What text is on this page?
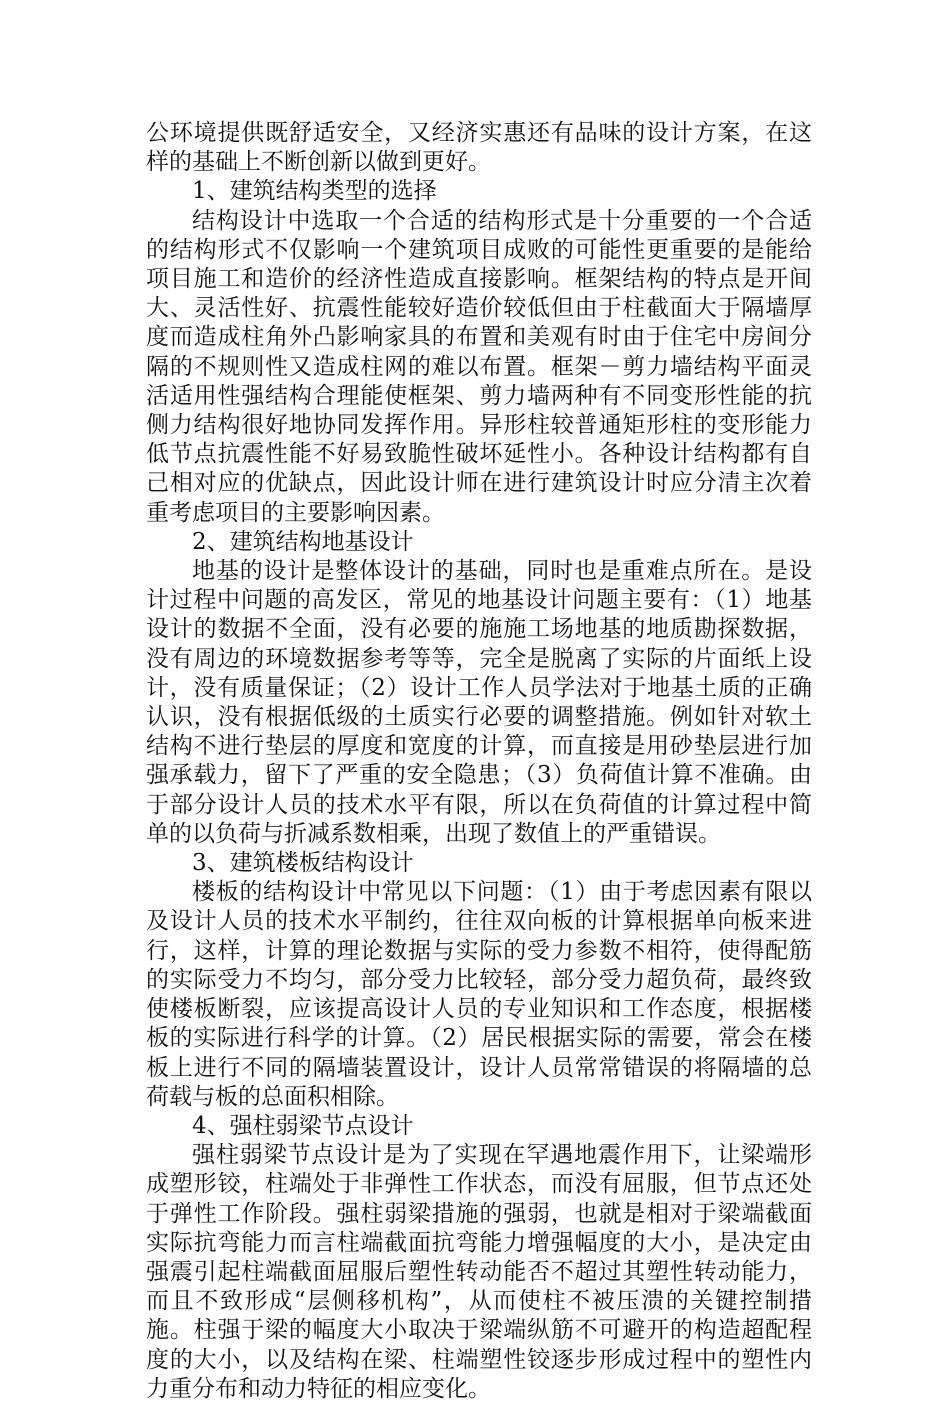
公环境提供既舒适安全，又经济实惠还有品味的设计方案，在这样的基础上不断创新以做到更好。

1、建筑结构类型的选择

结构设计中选取一个合适的结构形式是十分重要的一个合适的结构形式不仅影响一个建筑项目成败的可能性更重要的是能给项目施工和造价的经济性造成直接影响。框架结构的特点是开间大、灵活性好、抗震性能较好造价较低但由于柱截面大于隔墙厚度而造成柱角外凸影响家具的布置和美观有时由于住宅中房间分隔的不规则性又造成柱网的难以布置。框架－剪力墙结构平面灵活适用性强结构合理能使框架、剪力墙两种有不同变形性能的抗侧力结构很好地协同发挥作用。异形柱较普通矩形柱的变形能力低节点抗震性能不好易致脆性破坏延性小。各种设计结构都有自己相对应的优缺点，因此设计师在进行建筑设计时应分清主次着重考虑项目的主要影响因素。

2、建筑结构地基设计

地基的设计是整体设计的基础，同时也是重难点所在。是设计过程中问题的高发区，常见的地基设计问题主要有：（1）地基设计的数据不全面，没有必要的施施工场地基的地质勘探数据，没有周边的环境数据参考等等，完全是脱离了实际的片面纸上设计，没有质量保证；（2）设计工作人员学法对于地基土质的正确认识，没有根据低级的土质实行必要的调整措施。例如针对软土结构不进行垫层的厚度和宽度的计算，而直接是用砂垫层进行加强承载力，留下了严重的安全隐患；（3）负荷值计算不准确。由于部分设计人员的技术水平有限，所以在负荷值的计算过程中简单的以负荷与折减系数相乘，出现了数值上的严重错误。

3、建筑楼板结构设计

楼板的结构设计中常见以下问题：（1）由于考虑因素有限以及设计人员的技术水平制约，往往双向板的计算根据单向板来进行，这样，计算的理论数据与实际的受力参数不相符，使得配筋的实际受力不均匀，部分受力比较轻，部分受力超负荷，最终致使楼板断裂，应该提高设计人员的专业知识和工作态度，根据楼板的实际进行科学的计算。（2）居民根据实际的需要，常会在楼板上进行不同的隔墙装置设计，设计人员常常错误的将隔墙的总荷载与板的总面积相除。

4、强柱弱梁节点设计

强柱弱梁节点设计是为了实现在罕遇地震作用下，让梁端形成塑形铰，柱端处于非弹性工作状态，而没有屈服，但节点还处于弹性工作阶段。强柱弱梁措施的强弱，也就是相对于梁端截面实际抗弯能力而言柱端截面抗弯能力增强幅度的大小，是决定由强震引起柱端截面屈服后塑性转动能否不超过其塑性转动能力，而且不致形成“层侧移机构”，从而使柱不被压溃的关键控制措施。柱强于梁的幅度大小取决于梁端纵筋不可避开的构造超配程度的大小，以及结构在梁、柱端塑性铰逐步形成过程中的塑性内力重分布和动力特征的相应变化。
